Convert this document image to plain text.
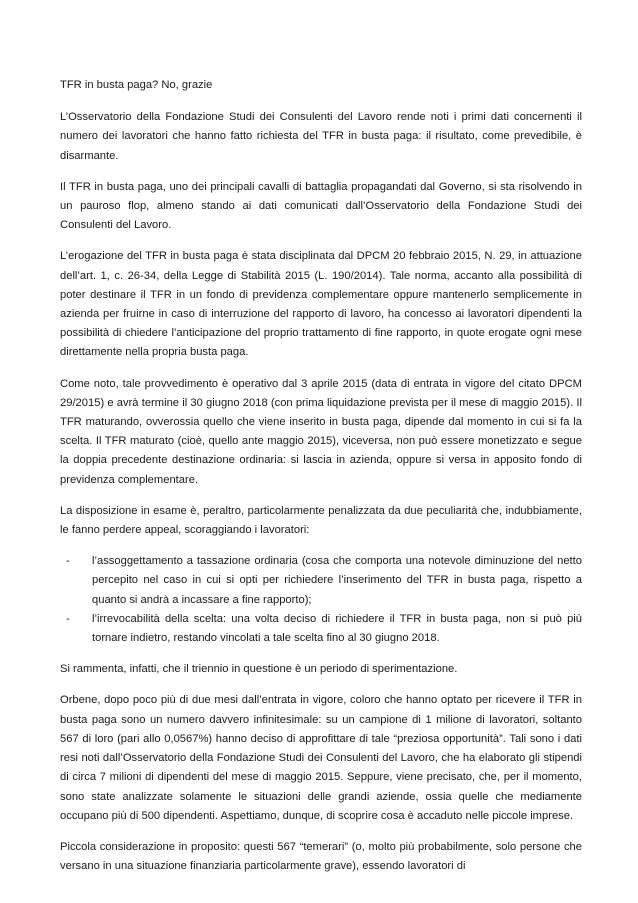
TFR in busta paga? No, grazie

L’Osservatorio della Fondazione Studi dei Consulenti del Lavoro rende noti i primi dati concernenti il numero dei lavoratori che hanno fatto richiesta del TFR in busta paga: il risultato, come prevedibile, è disarmante.

Il TFR in busta paga, uno dei principali cavalli di battaglia propagandati dal Governo, si sta risolvendo in un pauroso flop, almeno stando ai dati comunicati dall’Osservatorio della Fondazione Studi dei Consulenti del Lavoro.

L’erogazione del TFR in busta paga è stata disciplinata dal DPCM 20 febbraio 2015, N. 29, in attuazione dell’art. 1, c. 26-34, della Legge di Stabilità 2015 (L. 190/2014). Tale norma, accanto alla possibilità di poter destinare il TFR in un fondo di previdenza complementare oppure mantenerlo semplicemente in azienda per fruirne in caso di interruzione del rapporto di lavoro, ha concesso ai lavoratori dipendenti la possibilità di chiedere l’anticipazione del proprio trattamento di fine rapporto, in quote erogate ogni mese direttamente nella propria busta paga.

Come noto, tale provvedimento è operativo dal 3 aprile 2015 (data di entrata in vigore del citato DPCM 29/2015) e avrà termine il 30 giugno 2018 (con prima liquidazione prevista per il mese di maggio 2015). Il TFR maturando, ovverossia quello che viene inserito in busta paga, dipende dal momento in cui si fa la scelta. Il TFR maturato (cioè, quello ante maggio 2015), viceversa, non può essere monetizzato e segue la doppia precedente destinazione ordinaria: si lascia in azienda, oppure si versa in apposito fondo di previdenza complementare.

La disposizione in esame è, peraltro, particolarmente penalizzata da due peculiarità che, indubbiamente, le fanno perdere appeal, scoraggiando i lavoratori:

- l’assoggettamento a tassazione ordinaria (cosa che comporta una notevole diminuzione del netto percepito nel caso in cui si opti per richiedere l’inserimento del TFR in busta paga, rispetto a quanto si andrà a incassare a fine rapporto);
- l’irrevocabilità della scelta: una volta deciso di richiedere il TFR in busta paga, non si può più tornare indietro, restando vincolati a tale scelta fino al 30 giugno 2018.

Si rammenta, infatti, che il triennio in questione è un periodo di sperimentazione.

Orbene, dopo poco più di due mesi dall’entrata in vigore, coloro che hanno optato per ricevere il TFR in busta paga sono un numero davvero infinitesimale: su un campione di 1 milione di lavoratori, soltanto 567 di loro (pari allo 0,0567%) hanno deciso di approfittare di tale “preziosa opportunità”. Tali sono i dati resi noti dall’Osservatorio della Fondazione Studi dei Consulenti del Lavoro, che ha elaborato gli stipendi di circa 7 milioni di dipendenti del mese di maggio 2015. Seppure, viene precisato, che, per il momento, sono state analizzate solamente le situazioni delle grandi aziende, ossia quelle che mediamente occupano più di 500 dipendenti. Aspettiamo, dunque, di scoprire cosa è accaduto nelle piccole imprese.

Piccola considerazione in proposito: questi 567 “temerari” (o, molto più probabilmente, solo persone che versano in una situazione finanziaria particolarmente grave), essendo lavoratori di
